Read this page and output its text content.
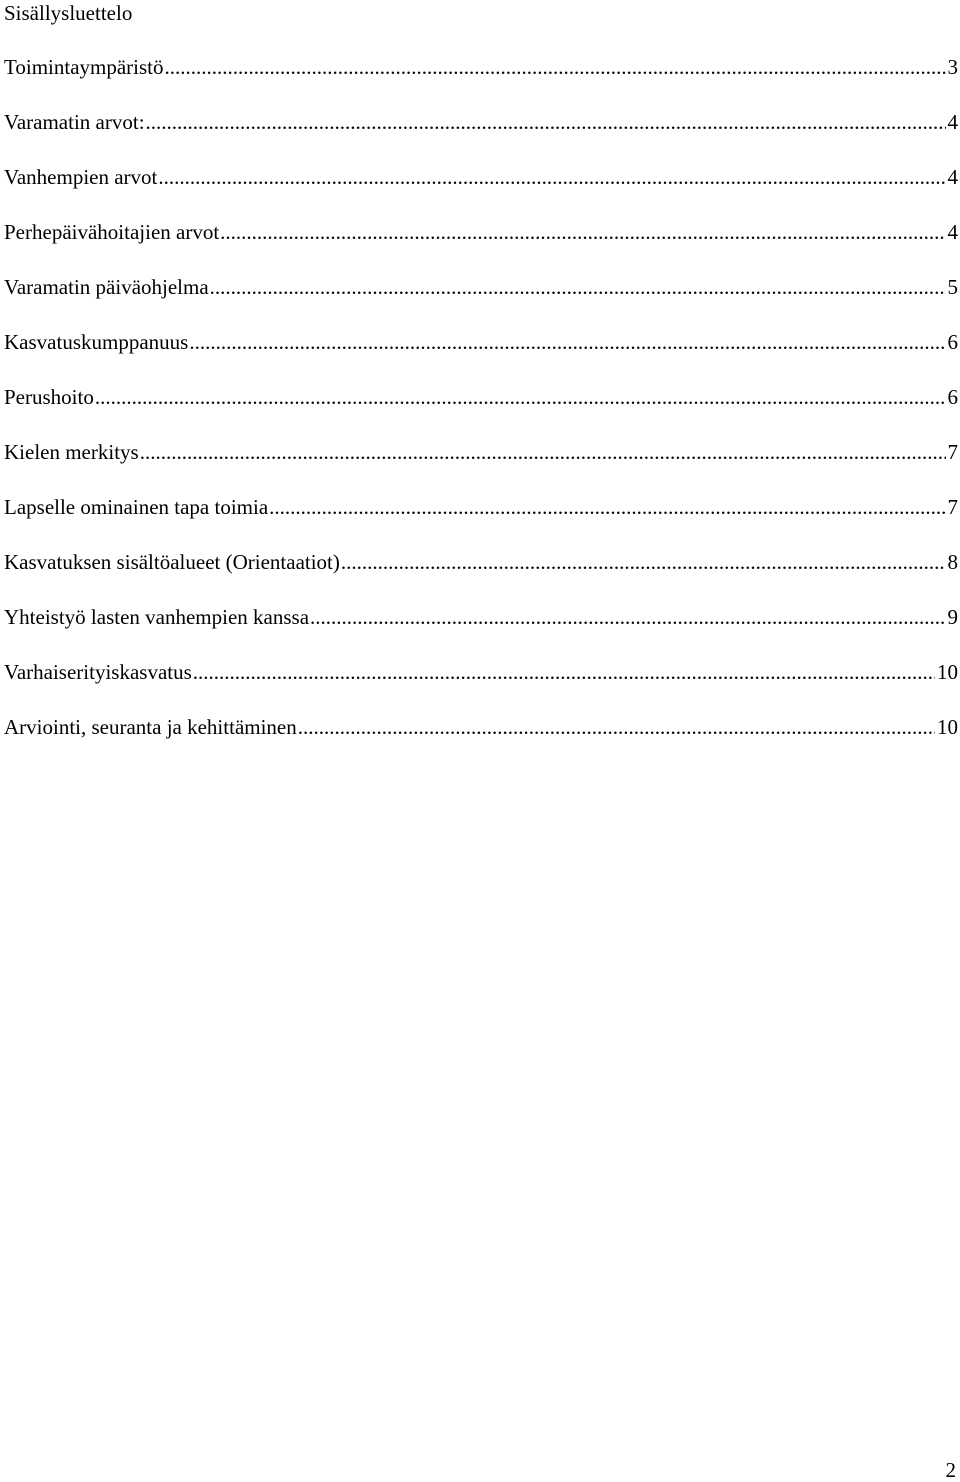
Sisällysluettelo
Toimintaympäristö .....	3
Varamatin arvot: .....	4
Vanhempien arvot .....	4
Perhepäivähoitajien arvot .....	4
Varamatin päiväohjelma .....	5
Kasvatuskumppanuus .....	6
Perushoito .....	6
Kielen merkitys .....	7
Lapselle ominainen tapa toimia .....	7
Kasvatuksen sisältöalueet (Orientaatiot) .....	8
Yhteistyö lasten vanhempien kanssa .....	9
Varhaiserityiskasvatus .....	10
Arviointi, seuranta ja kehittäminen .....	10
2
